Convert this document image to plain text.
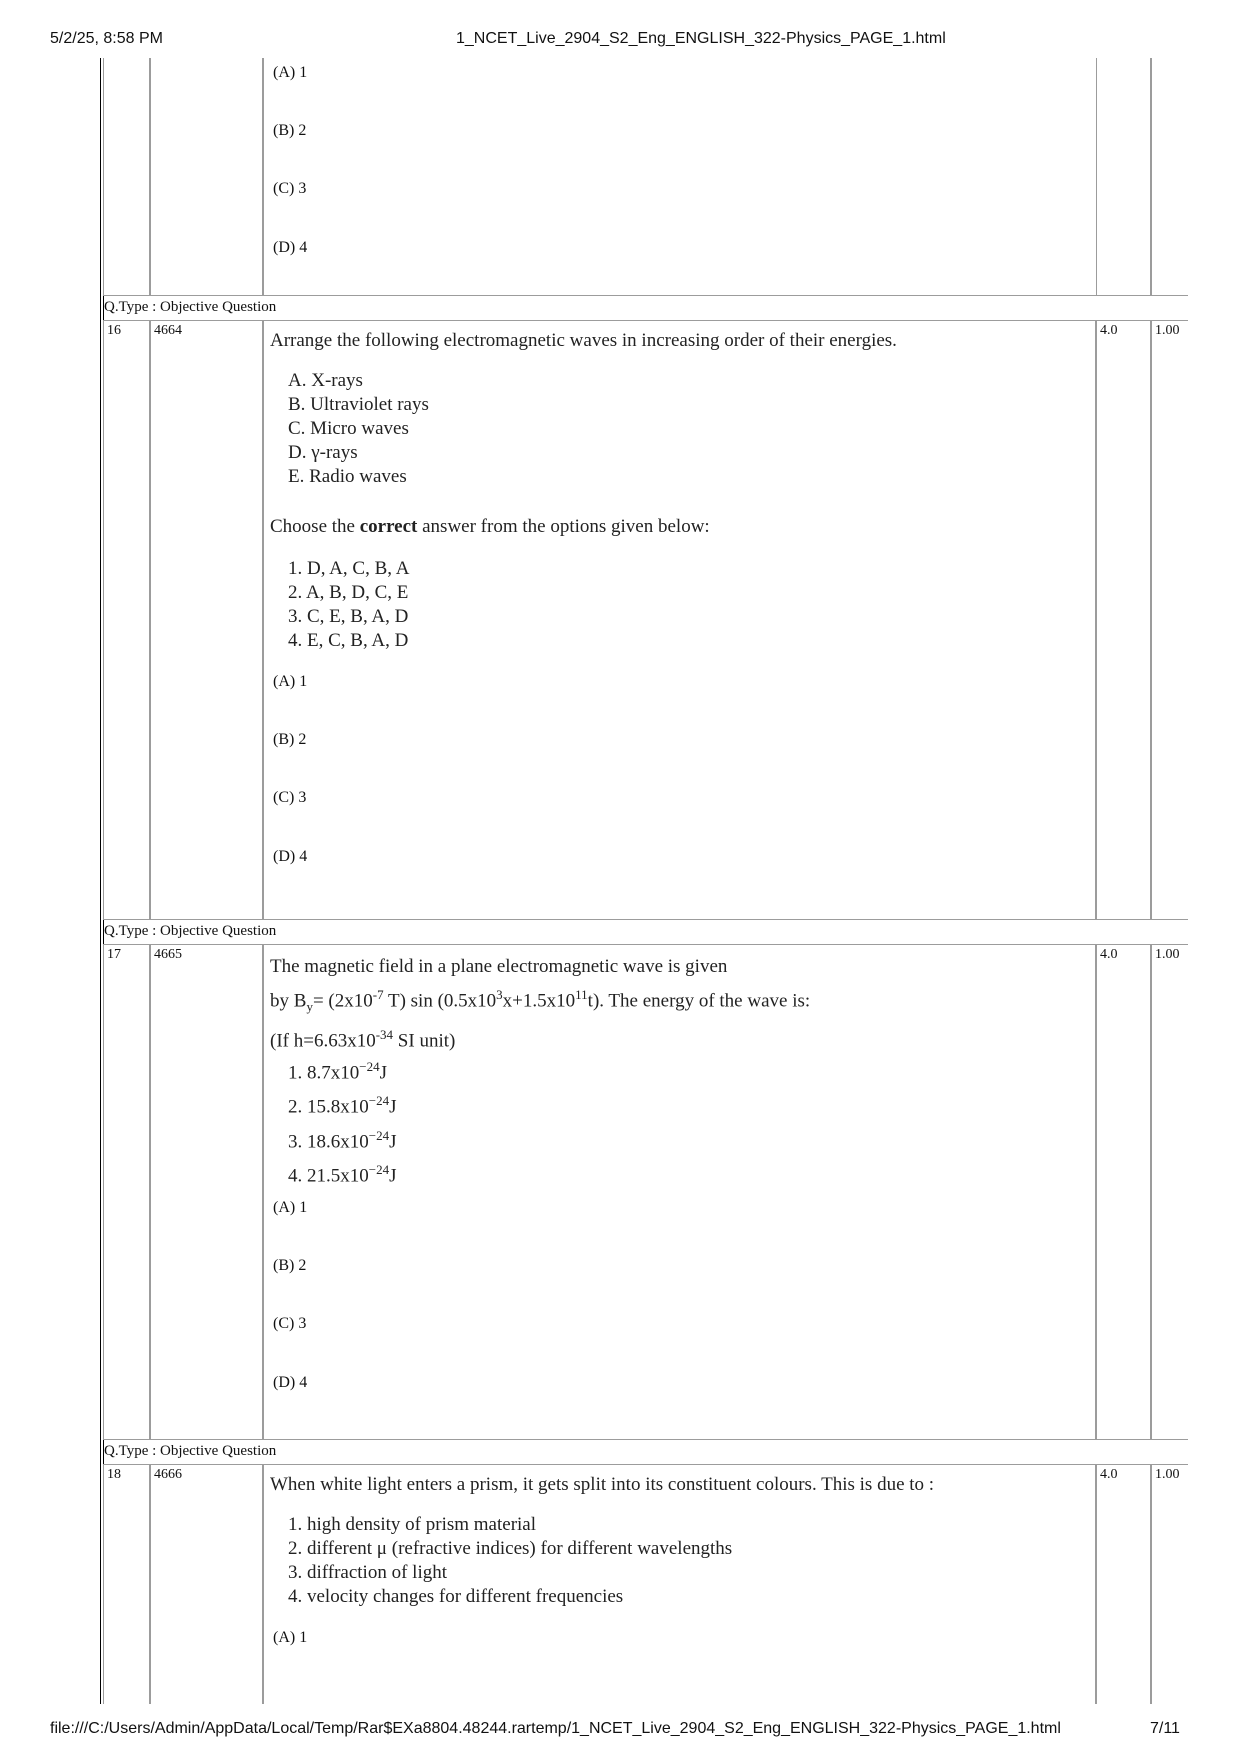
5/2/25, 8:58 PM	1_NCET_Live_2904_S2_Eng_ENGLISH_322-Physics_PAGE_1.html
(A) 1
(B) 2
(C) 3
(D) 4
Q.Type : Objective Question
16 4664	Arrange the following electromagnetic waves in increasing order of their energies.
A. X-rays
B. Ultraviolet rays
C. Micro waves
D. γ-rays
E. Radio waves
Choose the correct answer from the options given below:
1. D, A, C, B, A
2. A, B, D, C, E
3. C, E, B, A, D
4. E, C, B, A, D
(A) 1
(B) 2
(C) 3
(D) 4
4.0	1.00
Q.Type : Objective Question
17 4665
The magnetic field in a plane electromagnetic wave is given
by $B_y= (2x10^{-7}$ T) $\sin (0.5x10^3x+1.5x10^{11}t)$. The energy of the wave is:
(If $h=6.63x10^{-34}$ SI unit)
1. $8.7x10^{-24}J$
2. $15.8x10^{-24}J$
3. $18.6x10^{-24}J$
4. $21.5x10^{-24}J$
(A) 1
(B) 2
(C) 3
(D) 4
4.0	1.00
Q.Type : Objective Question
18 4666	When white light enters a prism, it gets split into its constituent colours. This is due to :
1. high density of prism material
2. different μ (refractive indices) for different wavelengths
3. diffraction of light
4. velocity changes for different frequencies
(A) 1
4.0	1.00
file:///C:/Users/Admin/AppData/Local/Temp/Rar$EXa8804.48244.rartemp/1_NCET_Live_2904_S2_Eng_ENGLISH_322-Physics_PAGE_1.html	7/11
